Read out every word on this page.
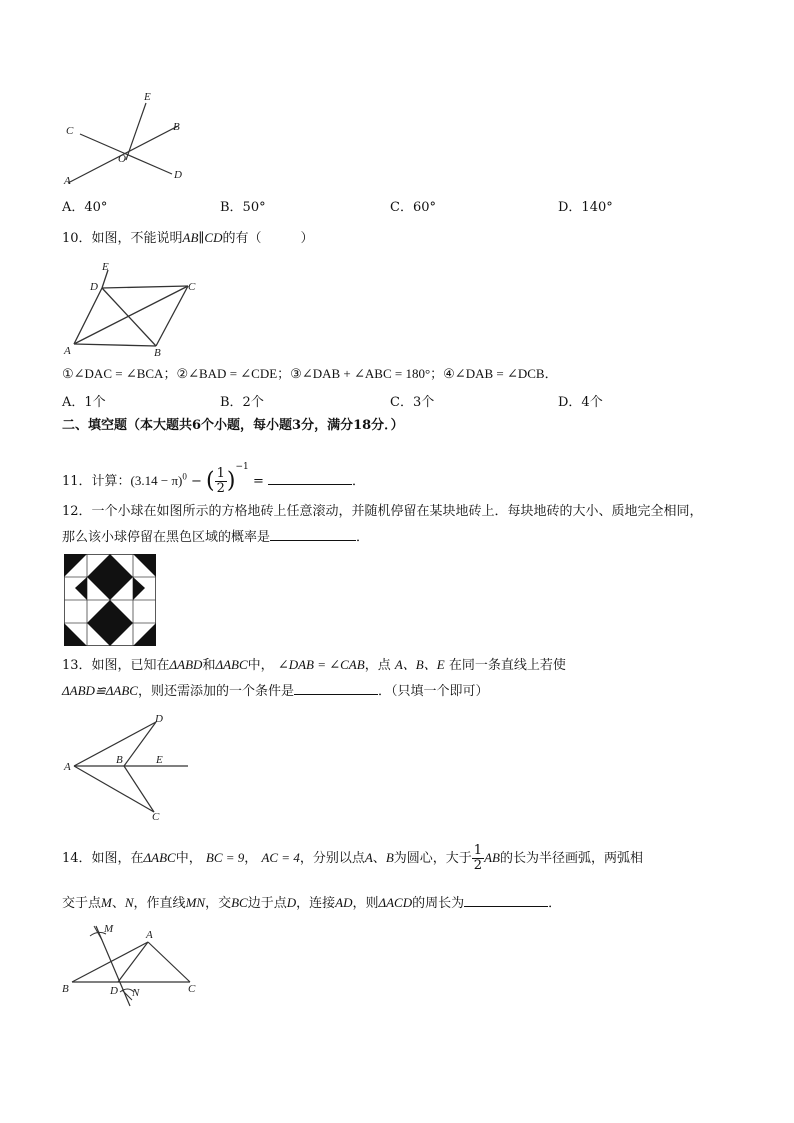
E
C	B
O
A	D
A．40°	B．50°	C．60°	D．140°
10．如图，不能说明AB∥CD的有（　　　）
E
D	C
A	B
①∠DAC = ∠BCA；②∠BAD = ∠CDE；③∠DAB + ∠ABC = 180°；④∠DAB = ∠DCB．
A．1个	B．2个	C．3个	D．4个
二、填空题（本大题共6个小题，每小题3分，满分18分．）
11．计算：$(3.14 - \pi)^0$ − ( $\frac{1}{2} )^{-1}$ =	．
12．一个小球在如图所示的方格地砖上任意滚动，并随机停留在某块地砖上．每块地砖的大小、质地完全相同，
那么该小球停留在黑色区域的概率是	．
13．如图，已知在ΔABD和ΔABC中， ∠DAB = ∠CAB，点 A、B、E 在同一条直线上若使
ΔABD≌ΔABC，则还需添加的一个条件是	．（只填一个即可）
D
A
B	E
C
14．如图，在ΔABC中， BC = 9， AC = 4，分别以点A、B为圆心，大于 $\frac{1}{2}$ AB的长为半径画弧，两弧相
交于点M、N，作直线MN，交BC边于点D，连接AD，则ΔACD的周长为	．
M	A
B	D N	C
